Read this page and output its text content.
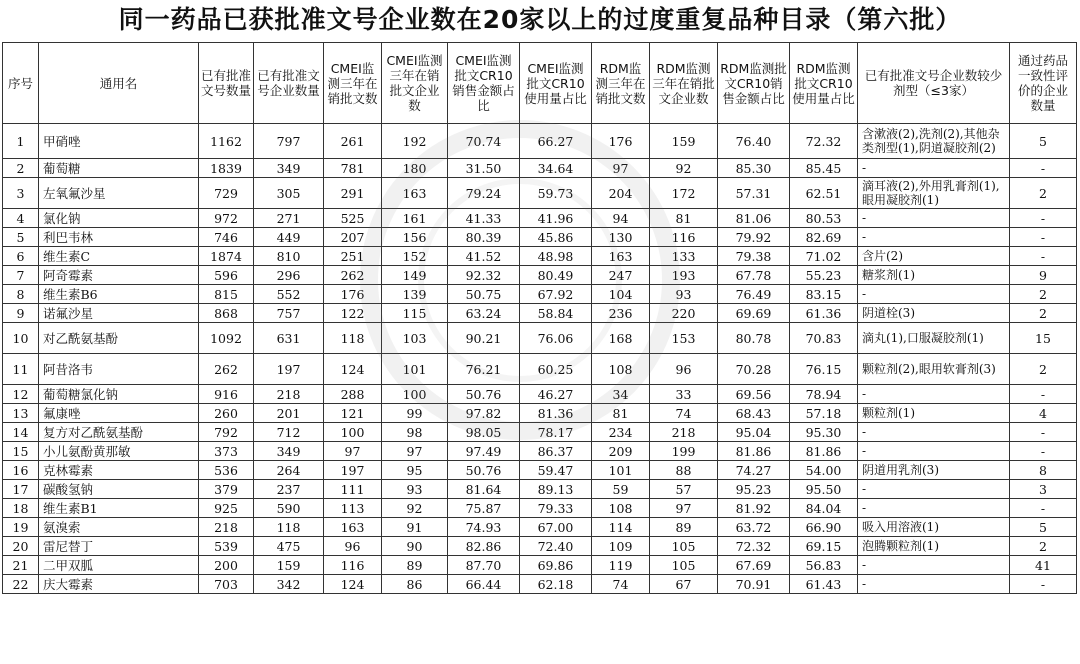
同一药品已获批准文号企业数在20家以上的过度重复品种目录（第六批）
序号	通用名	已有批准文号数量	已有批准文号企业数量	CMEI监测三年在销批文数	CMEI监测三年在销批文企业数	CMEI监测批文CR10销售金额占比	CMEI监测批文CR10使用量占比	RDM监测三年在销批文数	RDM监测三年在销批文企业数	RDM监测批文CR10销售金额占比	RDM监测批文CR10使用量占比	已有批准文号企业数较少剂型（≤3家）	通过药品一致性评价的企业数量
1	甲硝唑	1162	797	261	192	70.74	66.27	176	159	76.40	72.32	含漱液(2),洗剂(2),其他杂类剂型(1),阴道凝胶剂(2)	5
2	葡萄糖	1839	349	781	180	31.50	34.64	97	92	85.30	85.45	-	-
3	左氧氟沙星	729	305	291	163	79.24	59.73	204	172	57.31	62.51	滴耳液(2),外用乳膏剂(1),眼用凝胶剂(1)	2
4	氯化钠	972	271	525	161	41.33	41.96	94	81	81.06	80.53	-	-
5	利巴韦林	746	449	207	156	80.39	45.86	130	116	79.92	82.69	-	-
6	维生素C	1874	810	251	152	41.52	48.98	163	133	79.38	71.02	含片(2)	-
7	阿奇霉素	596	296	262	149	92.32	80.49	247	193	67.78	55.23	糖浆剂(1)	9
8	维生素B6	815	552	176	139	50.75	67.92	104	93	76.49	83.15	-	2
9	诺氟沙星	868	757	122	115	63.24	58.84	236	220	69.69	61.36	阴道栓(3)	2
10	对乙酰氨基酚	1092	631	118	103	90.21	76.06	168	153	80.78	70.83	滴丸(1),口服凝胶剂(1)	15
11	阿昔洛韦	262	197	124	101	76.21	60.25	108	96	70.28	76.15	颗粒剂(2),眼用软膏剂(3)	2
12	葡萄糖氯化钠	916	218	288	100	50.76	46.27	34	33	69.56	78.94	-	-
13	氟康唑	260	201	121	99	97.82	81.36	81	74	68.43	57.18	颗粒剂(1)	4
14	复方对乙酰氨基酚	792	712	100	98	98.05	78.17	234	218	95.04	95.30	-	-
15	小儿氨酚黄那敏	373	349	97	97	97.49	86.37	209	199	81.86	81.86	-	-
16	克林霉素	536	264	197	95	50.76	59.47	101	88	74.27	54.00	阴道用乳剂(3)	8
17	碳酸氢钠	379	237	111	93	81.64	89.13	59	57	95.23	95.50	-	3
18	维生素B1	925	590	113	92	75.87	79.33	108	97	81.92	84.04	-	-
19	氨溴索	218	118	163	91	74.93	67.00	114	89	63.72	66.90	吸入用溶液(1)	5
20	雷尼替丁	539	475	96	90	82.86	72.40	109	105	72.32	69.15	泡腾颗粒剂(1)	2
21	二甲双胍	200	159	116	89	87.70	69.86	119	105	67.69	56.83	-	41
22	庆大霉素	703	342	124	86	66.44	62.18	74	67	70.91	61.43	-	-
